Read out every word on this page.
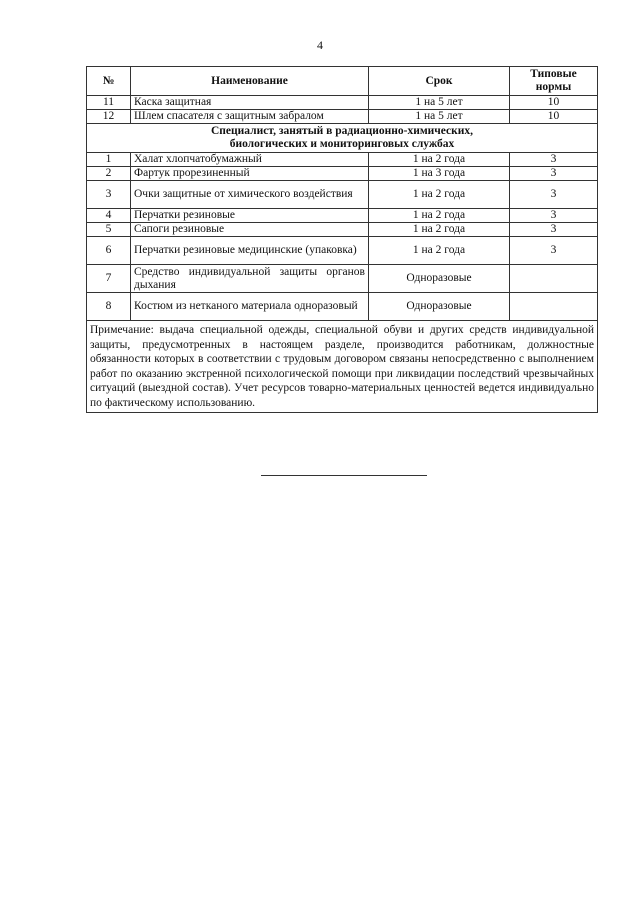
4
№	Наименование	Срок	Типовые
нормы
11	Каска защитная	1 на 5 лет	10
12	Шлем спасателя с защитным забралом	1 на 5 лет	10
Специалист, занятый в радиационно-химических,
биологических и мониторинговых службах			
1	Халат хлопчатобумажный	1 на 2 года	3
2	Фартук прорезиненный	1 на 3 года	3
3	Очки защитные от химического воздействия	1 на 2 года	3
4	Перчатки резиновые	1 на 2 года	3
5	Сапоги резиновые	1 на 2 года	3
6	Перчатки резиновые медицинские (упаковка)	1 на 2 года	3
7	Средство индивидуальной защиты органов дыхания	Одноразовые	
8	Костюм из нетканого материала одноразовый	Одноразовые	
Примечание: выдача специальной одежды, специальной обуви и других средств индивидуальной защиты, предусмотренных в настоящем разделе, производится работникам, должностные обязанности которых в соответствии с трудовым договором связаны непосредственно с выполнением работ по оказанию экстренной психологической помощи при ликвидации последствий чрезвычайных ситуаций (выездной состав). Учет ресурсов товарно-материальных ценностей ведется индивидуально по фактическому использованию.			
